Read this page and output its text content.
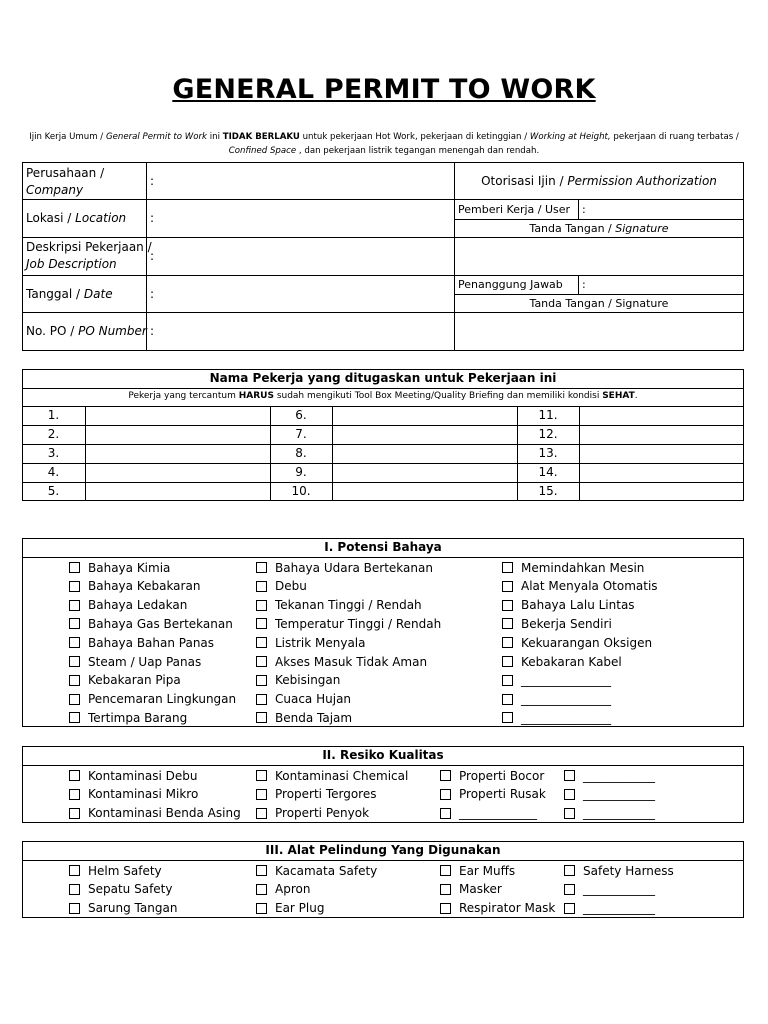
GENERAL PERMIT TO WORK
Ijin Kerja Umum / General Permit to Work ini TIDAK BERLAKU untuk pekerjaan Hot Work, pekerjaan di ketinggian / Working at Height, pekerjaan di ruang terbatas / Confined Space , dan pekerjaan listrik tegangan menengah dan rendah.
Perusahaan /
Company
:
Lokasi / Location :
Deskripsi Pekerjaan /
Job Description
:
Tanggal / Date	:
No. PO / PO Number :
Otorisasi Ijin / Permission Authorization
Pemberi Kerja / User :
Tanda Tangan / Signature
Penanggung Jawab :
Tanda Tangan / Signature
Nama Pekerja yang ditugaskan untuk Pekerjaan ini
Pekerja yang tercantum HARUS sudah mengikuti Tool Box Meeting/Quality Briefing dan memiliki kondisi SEHAT.
1.
2.
3.
4.
5.
6.
7.
8.
9.
10.
11.
12.
13.
14.
15.
I. Potensi Bahaya
Bahaya Kimia
Bahaya Kebakaran
Bahaya Ledakan
Bahaya Gas Bertekanan
Bahaya Bahan Panas
Steam / Uap Panas
Kebakaran Pipa
Pencemaran Lingkungan
Tertimpa Barang
Bahaya Udara Bertekanan
Debu
Tekanan Tinggi / Rendah
Temperatur Tinggi / Rendah
Listrik Menyala
Akses Masuk Tidak Aman
Kebisingan
Cuaca Hujan
Benda Tajam
Memindahkan Mesin
Alat Menyala Otomatis
Bahaya Lalu Lintas
Bekerja Sendiri
Kekuarangan Oksigen
Kebakaran Kabel
_______________
_______________
_______________
II. Resiko Kualitas
Kontaminasi Debu
Kontaminasi Mikro
Kontaminasi Benda Asing
Kontaminasi Chemical
Properti Tergores
Properti Penyok
Properti Bocor
Properti Rusak
_____________
____________
____________
____________
III. Alat Pelindung Yang Digunakan
Helm Safety
Sepatu Safety
Sarung Tangan
Kacamata Safety
Apron
Ear Plug
Ear Muffs
Masker
Respirator Mask
Safety Harness
____________
____________
